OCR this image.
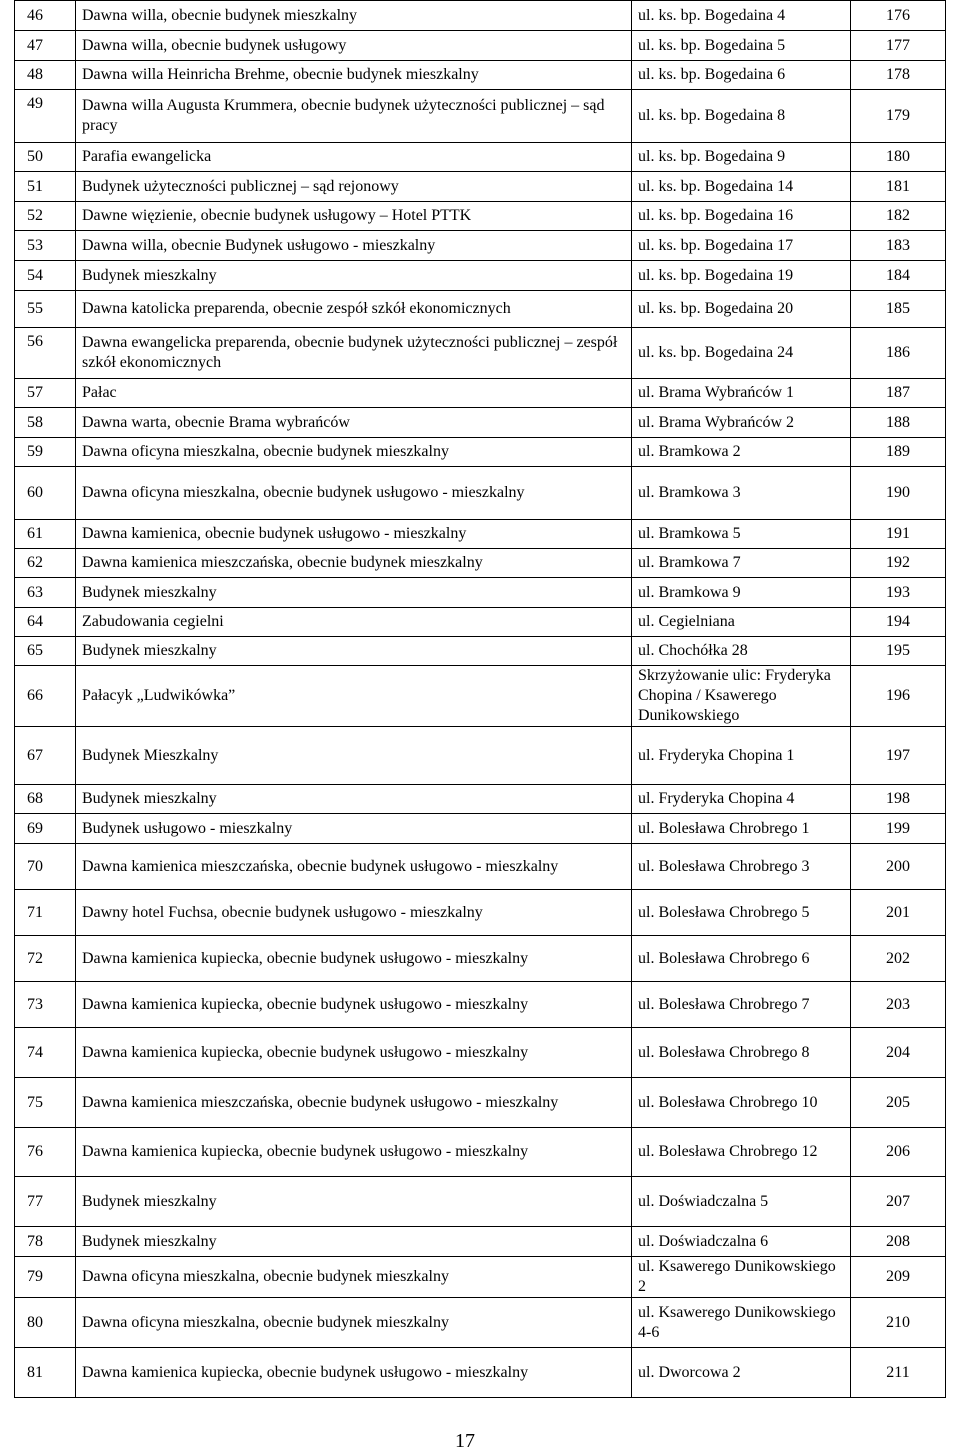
46	Dawna willa, obecnie budynek mieszkalny	ul. ks. bp. Bogedaina 4	176
47	Dawna willa, obecnie budynek usługowy	ul. ks. bp. Bogedaina 5	177
48	Dawna willa Heinricha Brehme, obecnie budynek mieszkalny	ul. ks. bp. Bogedaina 6	178
49	Dawna willa Augusta Krummera, obecnie budynek użyteczności publicznej – sąd pracy	ul. ks. bp. Bogedaina 8	179
50	Parafia ewangelicka	ul. ks. bp. Bogedaina 9	180
51	Budynek użyteczności publicznej – sąd rejonowy	ul. ks. bp. Bogedaina 14	181
52	Dawne więzienie, obecnie budynek usługowy – Hotel PTTK	ul. ks. bp. Bogedaina 16	182
53	Dawna willa, obecnie Budynek usługowo - mieszkalny	ul. ks. bp. Bogedaina 17	183
54	Budynek mieszkalny	ul. ks. bp. Bogedaina 19	184
55	Dawna katolicka preparenda, obecnie zespół szkół ekonomicznych	ul. ks. bp. Bogedaina 20	185
56	Dawna ewangelicka preparenda, obecnie budynek użyteczności publicznej – zespół szkół ekonomicznych	ul. ks. bp. Bogedaina 24	186
57	Pałac	ul. Brama Wybrańców 1	187
58	Dawna warta, obecnie Brama wybrańców	ul. Brama Wybrańców 2	188
59	Dawna oficyna mieszkalna, obecnie budynek mieszkalny	ul. Bramkowa 2	189
60	Dawna oficyna mieszkalna, obecnie budynek usługowo - mieszkalny	ul. Bramkowa 3	190
61	Dawna kamienica, obecnie budynek usługowo - mieszkalny	ul. Bramkowa 5	191
62	Dawna kamienica mieszczańska, obecnie budynek mieszkalny	ul. Bramkowa 7	192
63	Budynek mieszkalny	ul. Bramkowa 9	193
64	Zabudowania cegielni	ul. Cegielniana	194
65	Budynek mieszkalny	ul. Chochółka 28	195
66	Pałacyk „Ludwikówka”	Skrzyżowanie ulic: Fryderyka Chopina / Ksawerego Dunikowskiego	196
67	Budynek Mieszkalny	ul. Fryderyka Chopina 1	197
68	Budynek mieszkalny	ul. Fryderyka Chopina 4	198
69	Budynek usługowo - mieszkalny	ul. Bolesława Chrobrego 1	199
70	Dawna kamienica mieszczańska, obecnie budynek usługowo - mieszkalny	ul. Bolesława Chrobrego 3	200
71	Dawny hotel Fuchsa, obecnie budynek usługowo - mieszkalny	ul. Bolesława Chrobrego 5	201
72	Dawna kamienica kupiecka, obecnie budynek usługowo - mieszkalny	ul. Bolesława Chrobrego 6	202
73	Dawna kamienica kupiecka, obecnie budynek usługowo - mieszkalny	ul. Bolesława Chrobrego 7	203
74	Dawna kamienica kupiecka, obecnie budynek usługowo - mieszkalny	ul. Bolesława Chrobrego 8	204
75	Dawna kamienica mieszczańska, obecnie budynek usługowo - mieszkalny	ul. Bolesława Chrobrego 10	205
76	Dawna kamienica kupiecka, obecnie budynek usługowo - mieszkalny	ul. Bolesława Chrobrego 12	206
77	Budynek mieszkalny	ul. Doświadczalna 5	207
78	Budynek mieszkalny	ul. Doświadczalna 6	208
79	Dawna oficyna mieszkalna, obecnie budynek mieszkalny	ul. Ksawerego Dunikowskiego 2	209
80	Dawna oficyna mieszkalna, obecnie budynek mieszkalny	ul. Ksawerego Dunikowskiego 4-6	210
81	Dawna kamienica kupiecka, obecnie budynek usługowo - mieszkalny	ul. Dworcowa 2	211
17
